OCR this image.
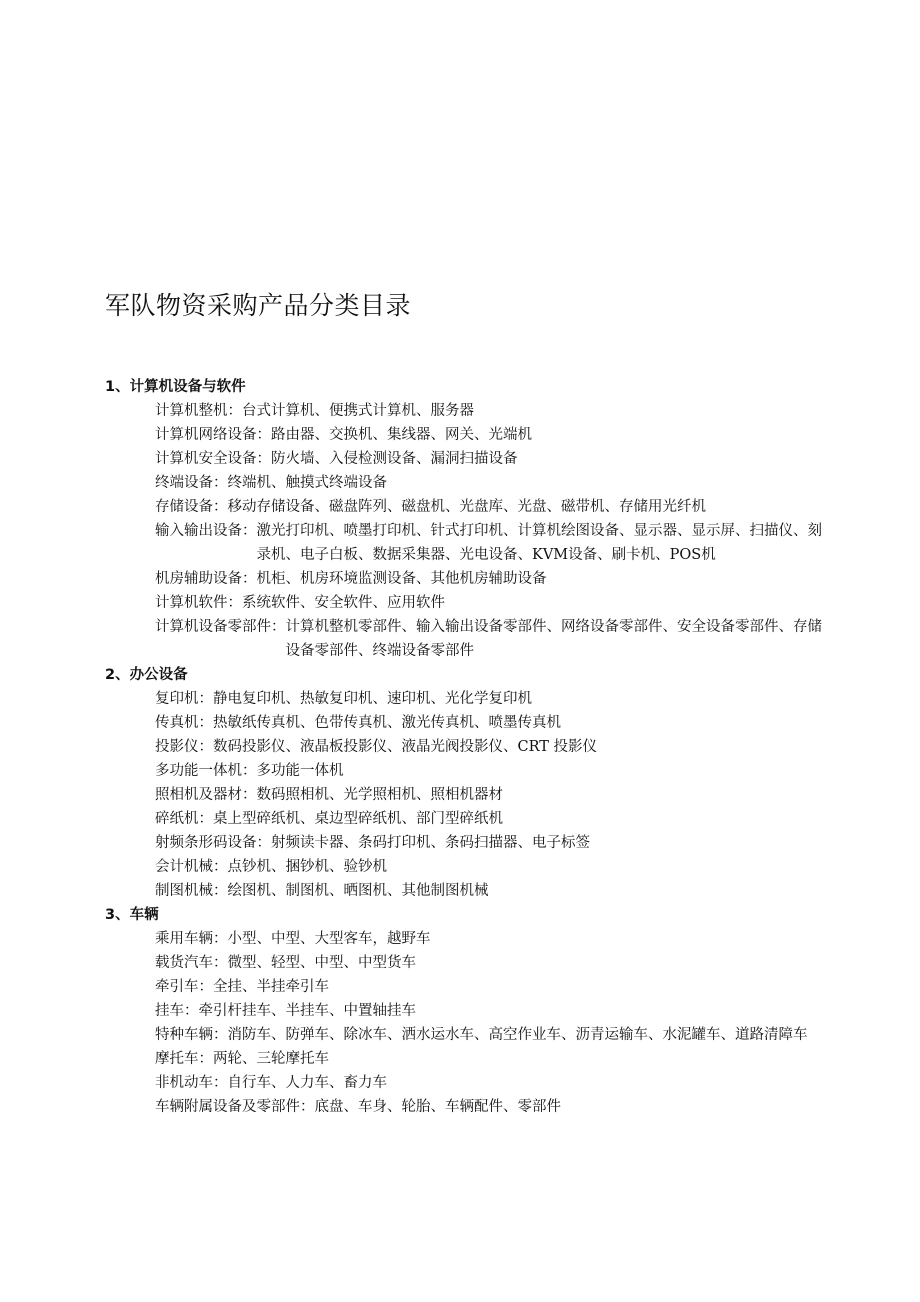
军队物资采购产品分类目录
1、计算机设备与软件
计算机整机：台式计算机、便携式计算机、服务器
计算机网络设备：路由器、交换机、集线器、网关、光端机
计算机安全设备：防火墙、入侵检测设备、漏洞扫描设备
终端设备：终端机、触摸式终端设备
存储设备：移动存储设备、磁盘阵列、磁盘机、光盘库、光盘、磁带机、存储用光纤机
输入输出设备：激光打印机、喷墨打印机、针式打印机、计算机绘图设备、显示器、显示屏、扫描仪、刻录机、电子白板、数据采集器、光电设备、KVM设备、刷卡机、POS机
机房辅助设备：机柜、机房环境监测设备、其他机房辅助设备
计算机软件：系统软件、安全软件、应用软件
计算机设备零部件：计算机整机零部件、输入输出设备零部件、网络设备零部件、安全设备零部件、存储设备零部件、终端设备零部件
2、办公设备
复印机：静电复印机、热敏复印机、速印机、光化学复印机
传真机：热敏纸传真机、色带传真机、激光传真机、喷墨传真机
投影仪：数码投影仪、液晶板投影仪、液晶光阀投影仪、CRT 投影仪
多功能一体机：多功能一体机
照相机及器材：数码照相机、光学照相机、照相机器材
碎纸机：桌上型碎纸机、桌边型碎纸机、部门型碎纸机
射频条形码设备：射频读卡器、条码打印机、条码扫描器、电子标签
会计机械：点钞机、捆钞机、验钞机
制图机械：绘图机、制图机、晒图机、其他制图机械
3、车辆
乘用车辆：小型、中型、大型客车，越野车
载货汽车：微型、轻型、中型、中型货车
牵引车：全挂、半挂牵引车
挂车：牵引杆挂车、半挂车、中置轴挂车
特种车辆：消防车、防弹车、除冰车、洒水运水车、高空作业车、沥青运输车、水泥罐车、道路清障车
摩托车：两轮、三轮摩托车
非机动车：自行车、人力车、畜力车
车辆附属设备及零部件：底盘、车身、轮胎、车辆配件、零部件
